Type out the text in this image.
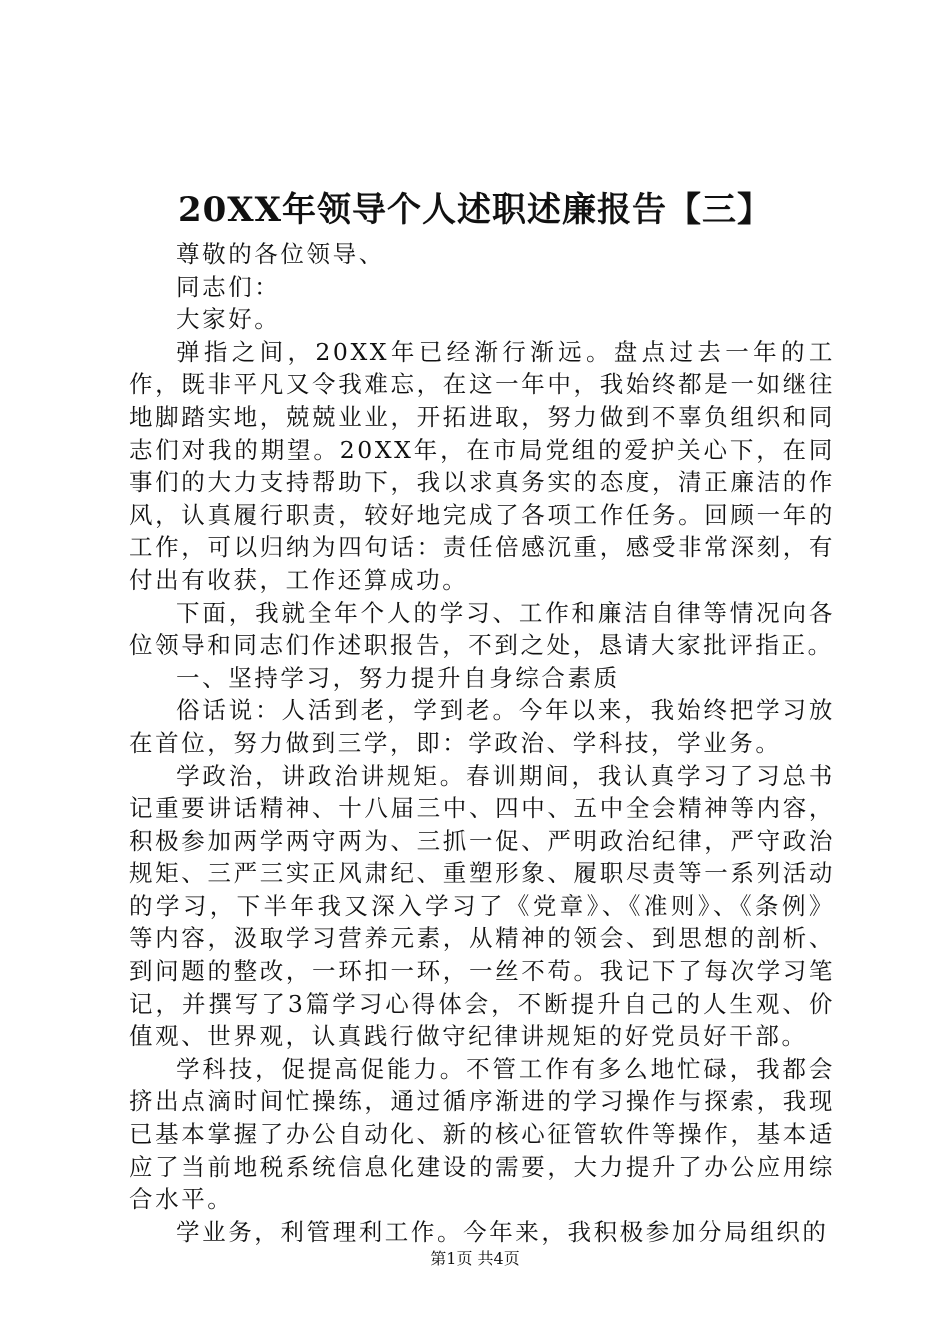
20XX年领导个人述职述廉报告【三】

尊敬的各位领导、

同志们：

大家好。

弹指之间，20XX年已经渐行渐远。盘点过去一年的工作，既非平凡又令我难忘，在这一年中，我始终都是一如继往地脚踏实地，兢兢业业，开拓进取，努力做到不辜负组织和同志们对我的期望。20XX年，在市局党组的爱护关心下，在同事们的大力支持帮助下，我以求真务实的态度，清正廉洁的作风，认真履行职责，较好地完成了各项工作任务。回顾一年的工作，可以归纳为四句话：责任倍感沉重，感受非常深刻，有付出有收获，工作还算成功。

下面，我就全年个人的学习、工作和廉洁自律等情况向各位领导和同志们作述职报告，不到之处，恳请大家批评指正。

一、坚持学习，努力提升自身综合素质

俗话说：人活到老，学到老。今年以来，我始终把学习放在首位，努力做到三学，即：学政治、学科技，学业务。

学政治，讲政治讲规矩。春训期间，我认真学习了习总书记重要讲话精神、十八届三中、四中、五中全会精神等内容，积极参加两学两守两为、三抓一促、严明政治纪律，严守政治规矩、三严三实正风肃纪、重塑形象、履职尽责等一系列活动的学习，下半年我又深入学习了《党章》、《准则》、《条例》等内容，汲取学习营养元素，从精神的领会、到思想的剖析、到问题的整改，一环扣一环，一丝不苟。我记下了每次学习笔记，并撰写了3篇学习心得体会，不断提升自己的人生观、价值观、世界观，认真践行做守纪律讲规矩的好党员好干部。

学科技，促提高促能力。不管工作有多么地忙碌，我都会挤出点滴时间忙操练，通过循序渐进的学习操作与探索，我现已基本掌握了办公自动化、新的核心征管软件等操作，基本适应了当前地税系统信息化建设的需要，大力提升了办公应用综合水平。

学业务，利管理利工作。今年来，我积极参加分局组织的

第1页 共4页
